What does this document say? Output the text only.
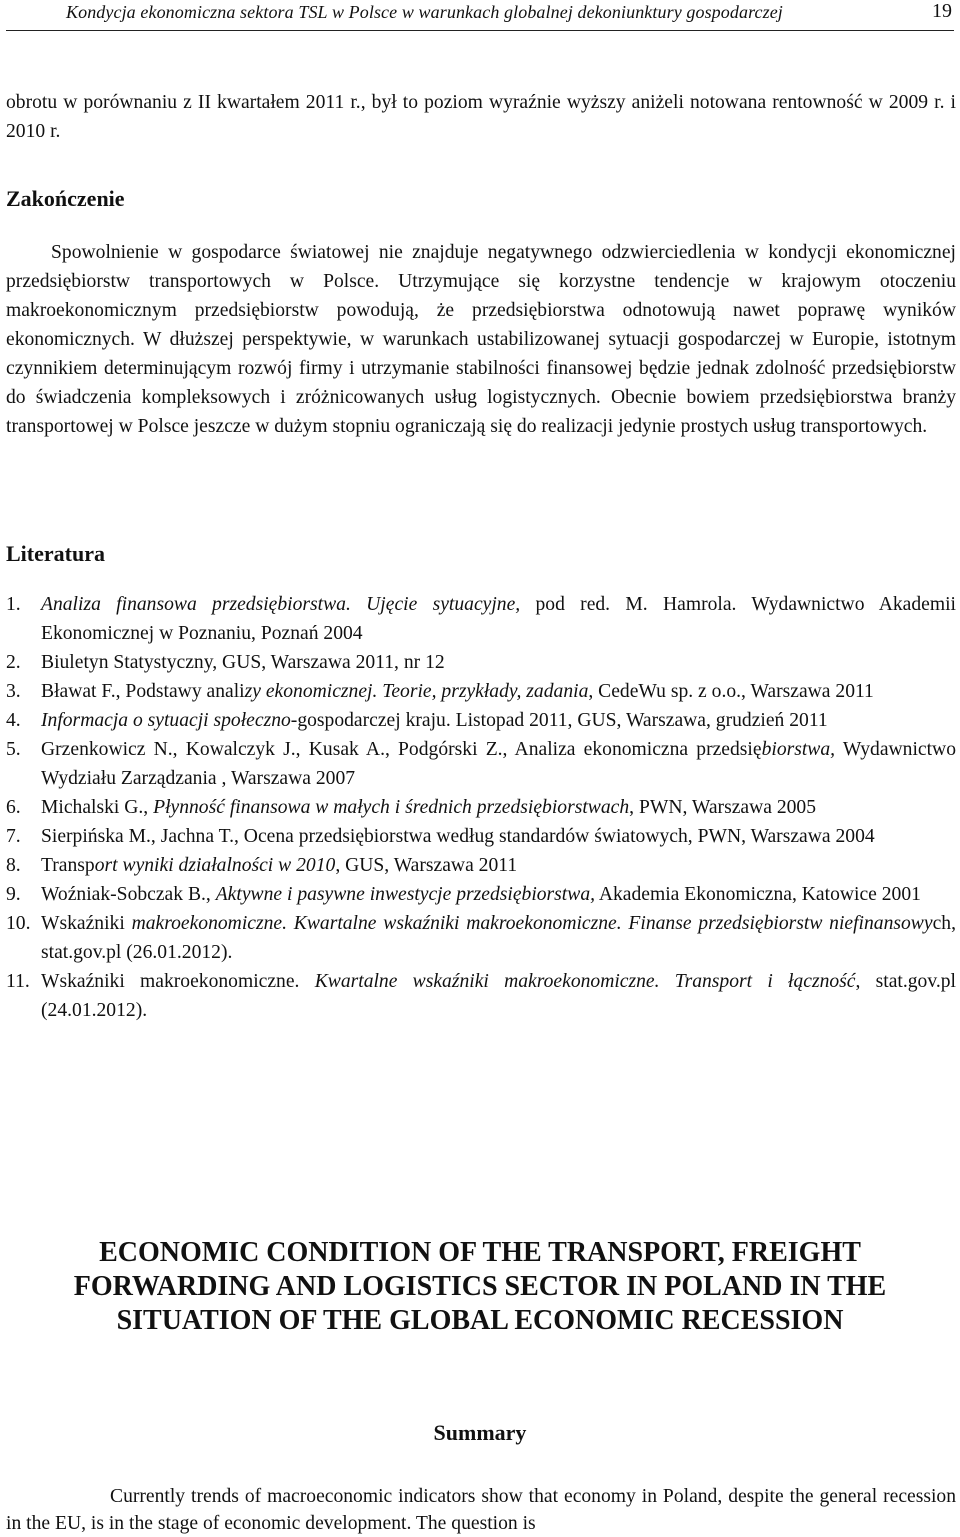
Kondycja ekonomiczna sektora TSL w Polsce w warunkach globalnej dekoniunktury gospodarczej	19
obrotu w porównaniu z II kwartałem 2011 r., był to poziom wyraźnie wyższy aniżeli notowana rentowność w 2009 r. i 2010 r.
Zakończenie
Spowolnienie w gospodarce światowej nie znajduje negatywnego odzwierciedlenia w kondycji ekonomicznej przedsiębiorstw transportowych w Polsce. Utrzymujące się korzystne tendencje w krajowym otoczeniu makroekonomicznym przedsiębiorstw powodują, że przedsiębiorstwa odnotowują nawet poprawę wyników ekonomicznych. W dłuższej perspektywie, w warunkach ustabilizowanej sytuacji gospodarczej w Europie, istotnym czynnikiem determinującym rozwój firmy i utrzymanie stabilności finansowej będzie jednak zdolność przedsiębiorstw do świadczenia kompleksowych i zróżnicowanych usług logistycznych. Obecnie bowiem przedsiębiorstwa branży transportowej w Polsce jeszcze w dużym stopniu ograniczają się do realizacji jedynie prostych usług transportowych.
Literatura
1. Analiza finansowa przedsiębiorstwa. Ujęcie sytuacyjne, pod red. M. Hamrola. Wydawnictwo Akademii Ekonomicznej w Poznaniu, Poznań 2004
2. Biuletyn Statystyczny, GUS, Warszawa 2011, nr 12
3. Bławat F., Podstawy analizy ekonomicznej. Teorie, przykłady, zadania, CedeWu sp. z o.o., Warszawa 2011
4. Informacja o sytuacji społeczno-gospodarczej kraju. Listopad 2011, GUS, Warszawa, grudzień 2011
5. Grzenkowicz N., Kowalczyk J., Kusak A., Podgórski Z., Analiza ekonomiczna przedsiębiorstwa, Wydawnictwo Wydziału Zarządzania , Warszawa 2007
6. Michalski G., Płynność finansowa w małych i średnich przedsiębiorstwach, PWN, Warszawa 2005
7. Sierpińska M., Jachna T., Ocena przedsiębiorstwa według standardów światowych, PWN, Warszawa 2004
8. Transport wyniki działalności w 2010, GUS, Warszawa 2011
9. Woźniak-Sobczak B., Aktywne i pasywne inwestycje przedsiębiorstwa, Akademia Ekonomiczna, Katowice 2001
10. Wskaźniki makroekonomiczne. Kwartalne wskaźniki makroekonomiczne. Finanse przedsiębiorstw niefinansowych, stat.gov.pl (26.01.2012).
11. Wskaźniki makroekonomiczne. Kwartalne wskaźniki makroekonomiczne. Transport i łączność, stat.gov.pl (24.01.2012).
ECONOMIC CONDITION OF THE TRANSPORT, FREIGHT FORWARDING AND LOGISTICS SECTOR IN POLAND IN THE SITUATION OF THE GLOBAL ECONOMIC RECESSION
Summary
Currently trends of macroeconomic indicators show that economy in Poland, despite the general recession in the EU, is in the stage of economic development. The question is
